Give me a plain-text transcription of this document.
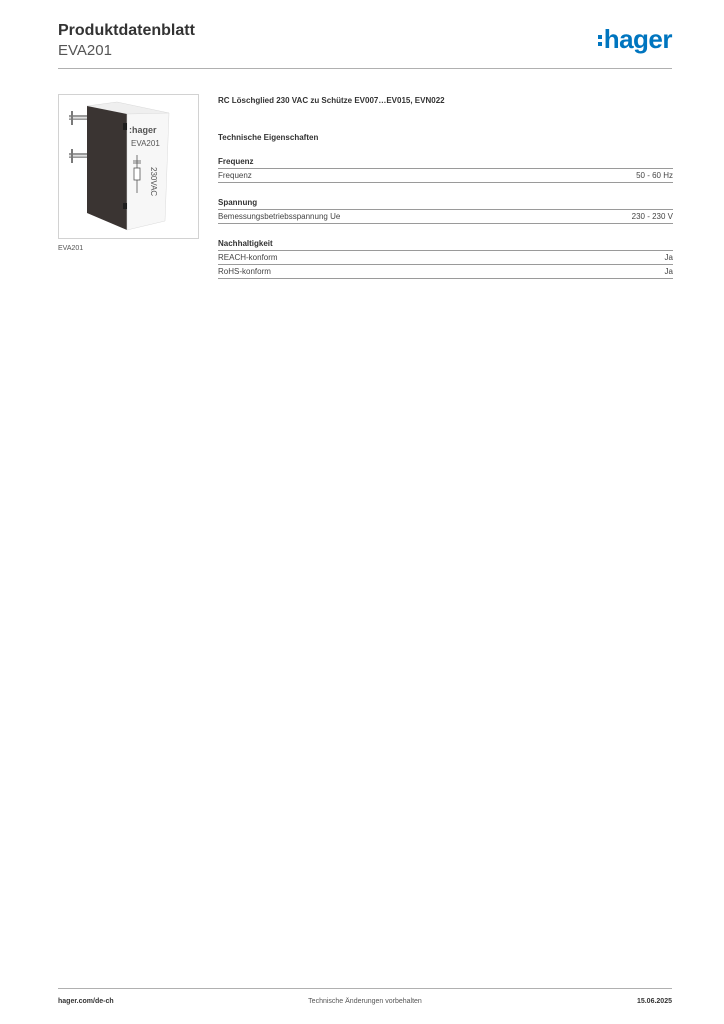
Produktdatenblatt
EVA201	hager
:hager
EVA201
230VAC
EVA201
RC Löschglied 230 VAC zu Schütze EV007…EV015, EVN022
Technische Eigenschaften
Frequenz
Frequenz	50 - 60 Hz
Spannung
Bemessungsbetriebsspannung Ue	230 - 230 V
Nachhaltigkeit
REACH-konform	Ja
RoHS-konform	Ja
hager.com/de-ch	Technische Änderungen vorbehalten	15.06.2025
